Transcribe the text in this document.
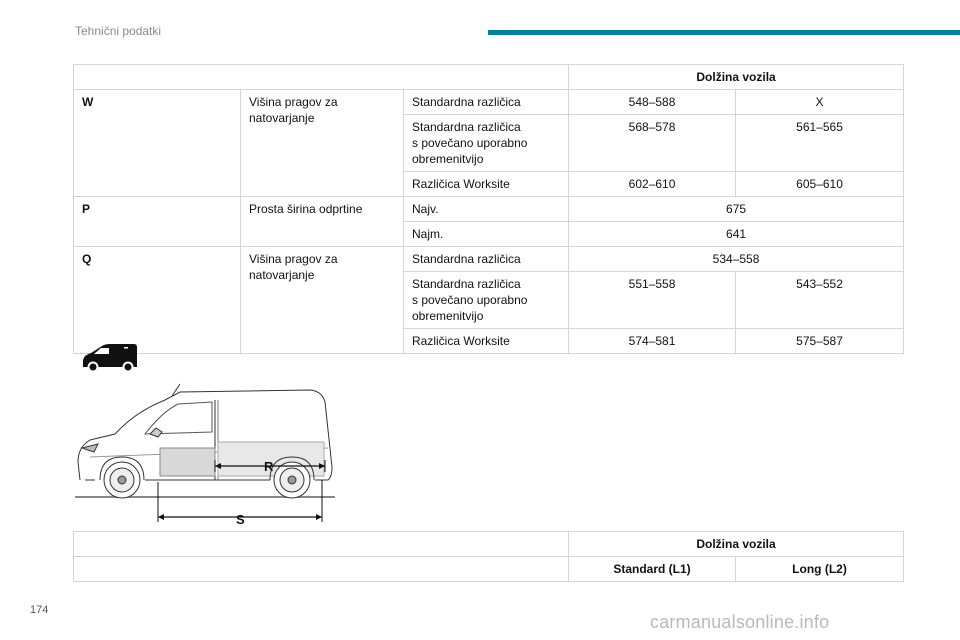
Tehnični podatki
			Dolžina vozila	
W	Višina pragov za natovarjanje	Standardna različica	548–588	X

		Standardna različica
s povečano uporabno
obremenitvijo	568–578	561–565
		Različica Worksite	602–610	605–610
P	Prosta širina odprtine	Najv.	675	
		Najm.	641	
Q	Višina pragov za natovarjanje	Standardna različica	534–558	

		Standardna različica
s povečano uporabno
obremenitvijo	551–558	543–552
		Različica Worksite	574–581	575–587
R
S
	Dolžina vozila	
	Standard (L1)	Long (L2)
174
carmanualsonline.info
